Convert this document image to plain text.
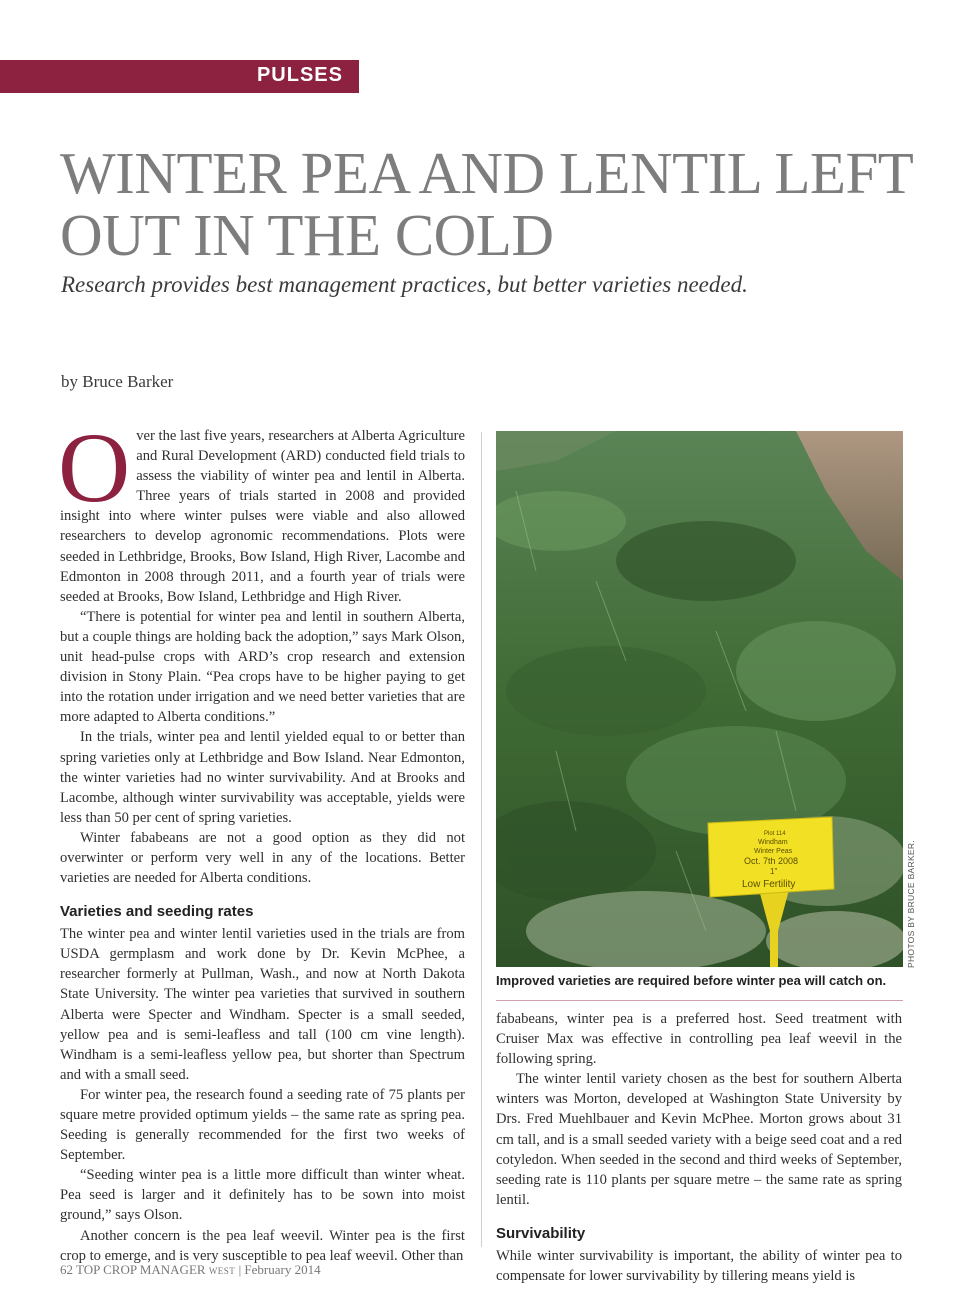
PULSES
WINTER PEA AND LENTIL LEFT OUT IN THE COLD
Research provides best management practices, but better varieties needed.
by Bruce Barker

Over the last five years, researchers at Alberta Agriculture and Rural Development (ARD) conducted field trials to assess the viability of winter pea and lentil in Alberta. Three years of trials started in 2008 and provided insight into where winter pulses were viable and also allowed researchers to develop agronomic recommendations. Plots were seeded in Lethbridge, Brooks, Bow Island, High River, Lacombe and Edmonton in 2008 through 2011, and a fourth year of trials were seeded at Brooks, Bow Island, Lethbridge and High River.

“There is potential for winter pea and lentil in southern Alberta, but a couple things are holding back the adoption,” says Mark Olson, unit head-pulse crops with ARD’s crop research and extension division in Stony Plain. “Pea crops have to be higher paying to get into the rotation under irrigation and we need better varieties that are more adapted to Alberta conditions.”

In the trials, winter pea and lentil yielded equal to or better than spring varieties only at Lethbridge and Bow Island. Near Edmonton, the winter varieties had no winter survivability. And at Brooks and Lacombe, although winter survivability was acceptable, yields were less than 50 per cent of spring varieties.

Winter fababeans are not a good option as they did not overwinter or perform very well in any of the locations. Better varieties are needed for Alberta conditions.

Varieties and seeding rates

The winter pea and winter lentil varieties used in the trials are from USDA germplasm and work done by Dr. Kevin McPhee, a researcher formerly at Pullman, Wash., and now at North Dakota State University. The winter pea varieties that survived in southern Alberta were Specter and Windham. Specter is a small seeded, yellow pea and is semi-leafless and tall (100 cm vine length). Windham is a semi-leafless yellow pea, but shorter than Spectrum and with a small seed.

For winter pea, the research found a seeding rate of 75 plants per square metre provided optimum yields – the same rate as spring pea. Seeding is generally recommended for the first two weeks of September.

“Seeding winter pea is a little more difficult than winter wheat. Pea seed is larger and it definitely has to be sown into moist ground,” says Olson.

Another concern is the pea leaf weevil. Winter pea is the first crop to emerge, and is very susceptible to pea leaf weevil. Other than

Plot 114
Windham
Winter Peas
Oct. 7th 2008
1"
Low Fertility	PHOTOS BY BRUCE BARKER.
Improved varieties are required before winter pea will catch on.

fababeans, winter pea is a preferred host. Seed treatment with Cruiser Max was effective in controlling pea leaf weevil in the following spring.

The winter lentil variety chosen as the best for southern Alberta winters was Morton, developed at Washington State University by Drs. Fred Muehlbauer and Kevin McPhee. Morton grows about 31 cm tall, and is a small seeded variety with a beige seed coat and a red cotyledon. When seeded in the second and third weeks of September, seeding rate is 110 plants per square metre – the same rate as spring lentil.

Survivability

While winter survivability is important, the ability of winter pea to compensate for lower survivability by tillering means yield is

62 TOP CROP MANAGER WEST | February 2014
